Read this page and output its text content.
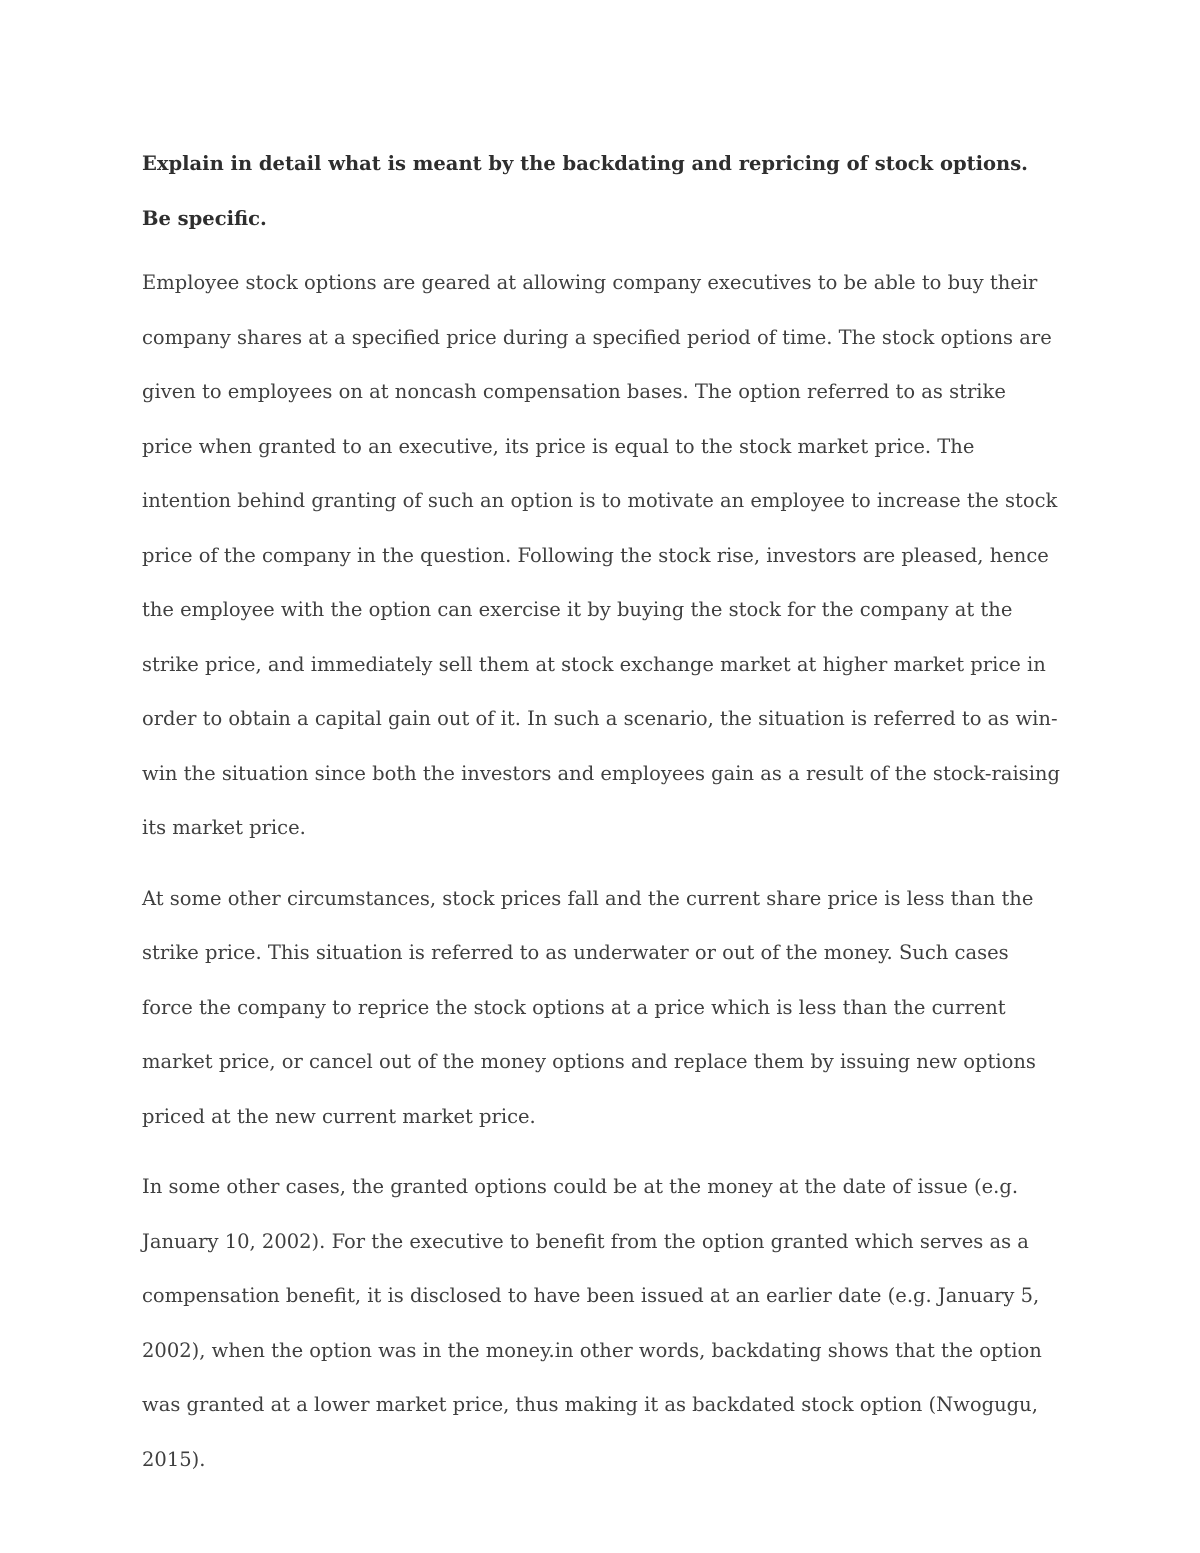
Explain in detail what is meant by the backdating and repricing of stock options. Be specific.

Employee stock options are geared at allowing company executives to be able to buy their company shares at a specified price during a specified period of time. The stock options are given to employees on at noncash compensation bases. The option referred to as strike price when granted to an executive, its price is equal to the stock market price. The intention behind granting of such an option is to motivate an employee to increase the stock price of the company in the question. Following the stock rise, investors are pleased, hence the employee with the option can exercise it by buying the stock for the company at the strike price, and immediately sell them at stock exchange market at higher market price in order to obtain a capital gain out of it. In such a scenario, the situation is referred to as win-win the situation since both the investors and employees gain as a result of the stock-raising its market price.

At some other circumstances, stock prices fall and the current share price is less than the strike price. This situation is referred to as underwater or out of the money. Such cases force the company to reprice the stock options at a price which is less than the current market price, or cancel out of the money options and replace them by issuing new options priced at the new current market price.

In some other cases, the granted options could be at the money at the date of issue (e.g. January 10, 2002). For the executive to benefit from the option granted which serves as a compensation benefit, it is disclosed to have been issued at an earlier date (e.g. January 5, 2002), when the option was in the money.in other words, backdating shows that the option was granted at a lower market price, thus making it as backdated stock option (Nwogugu, 2015).
